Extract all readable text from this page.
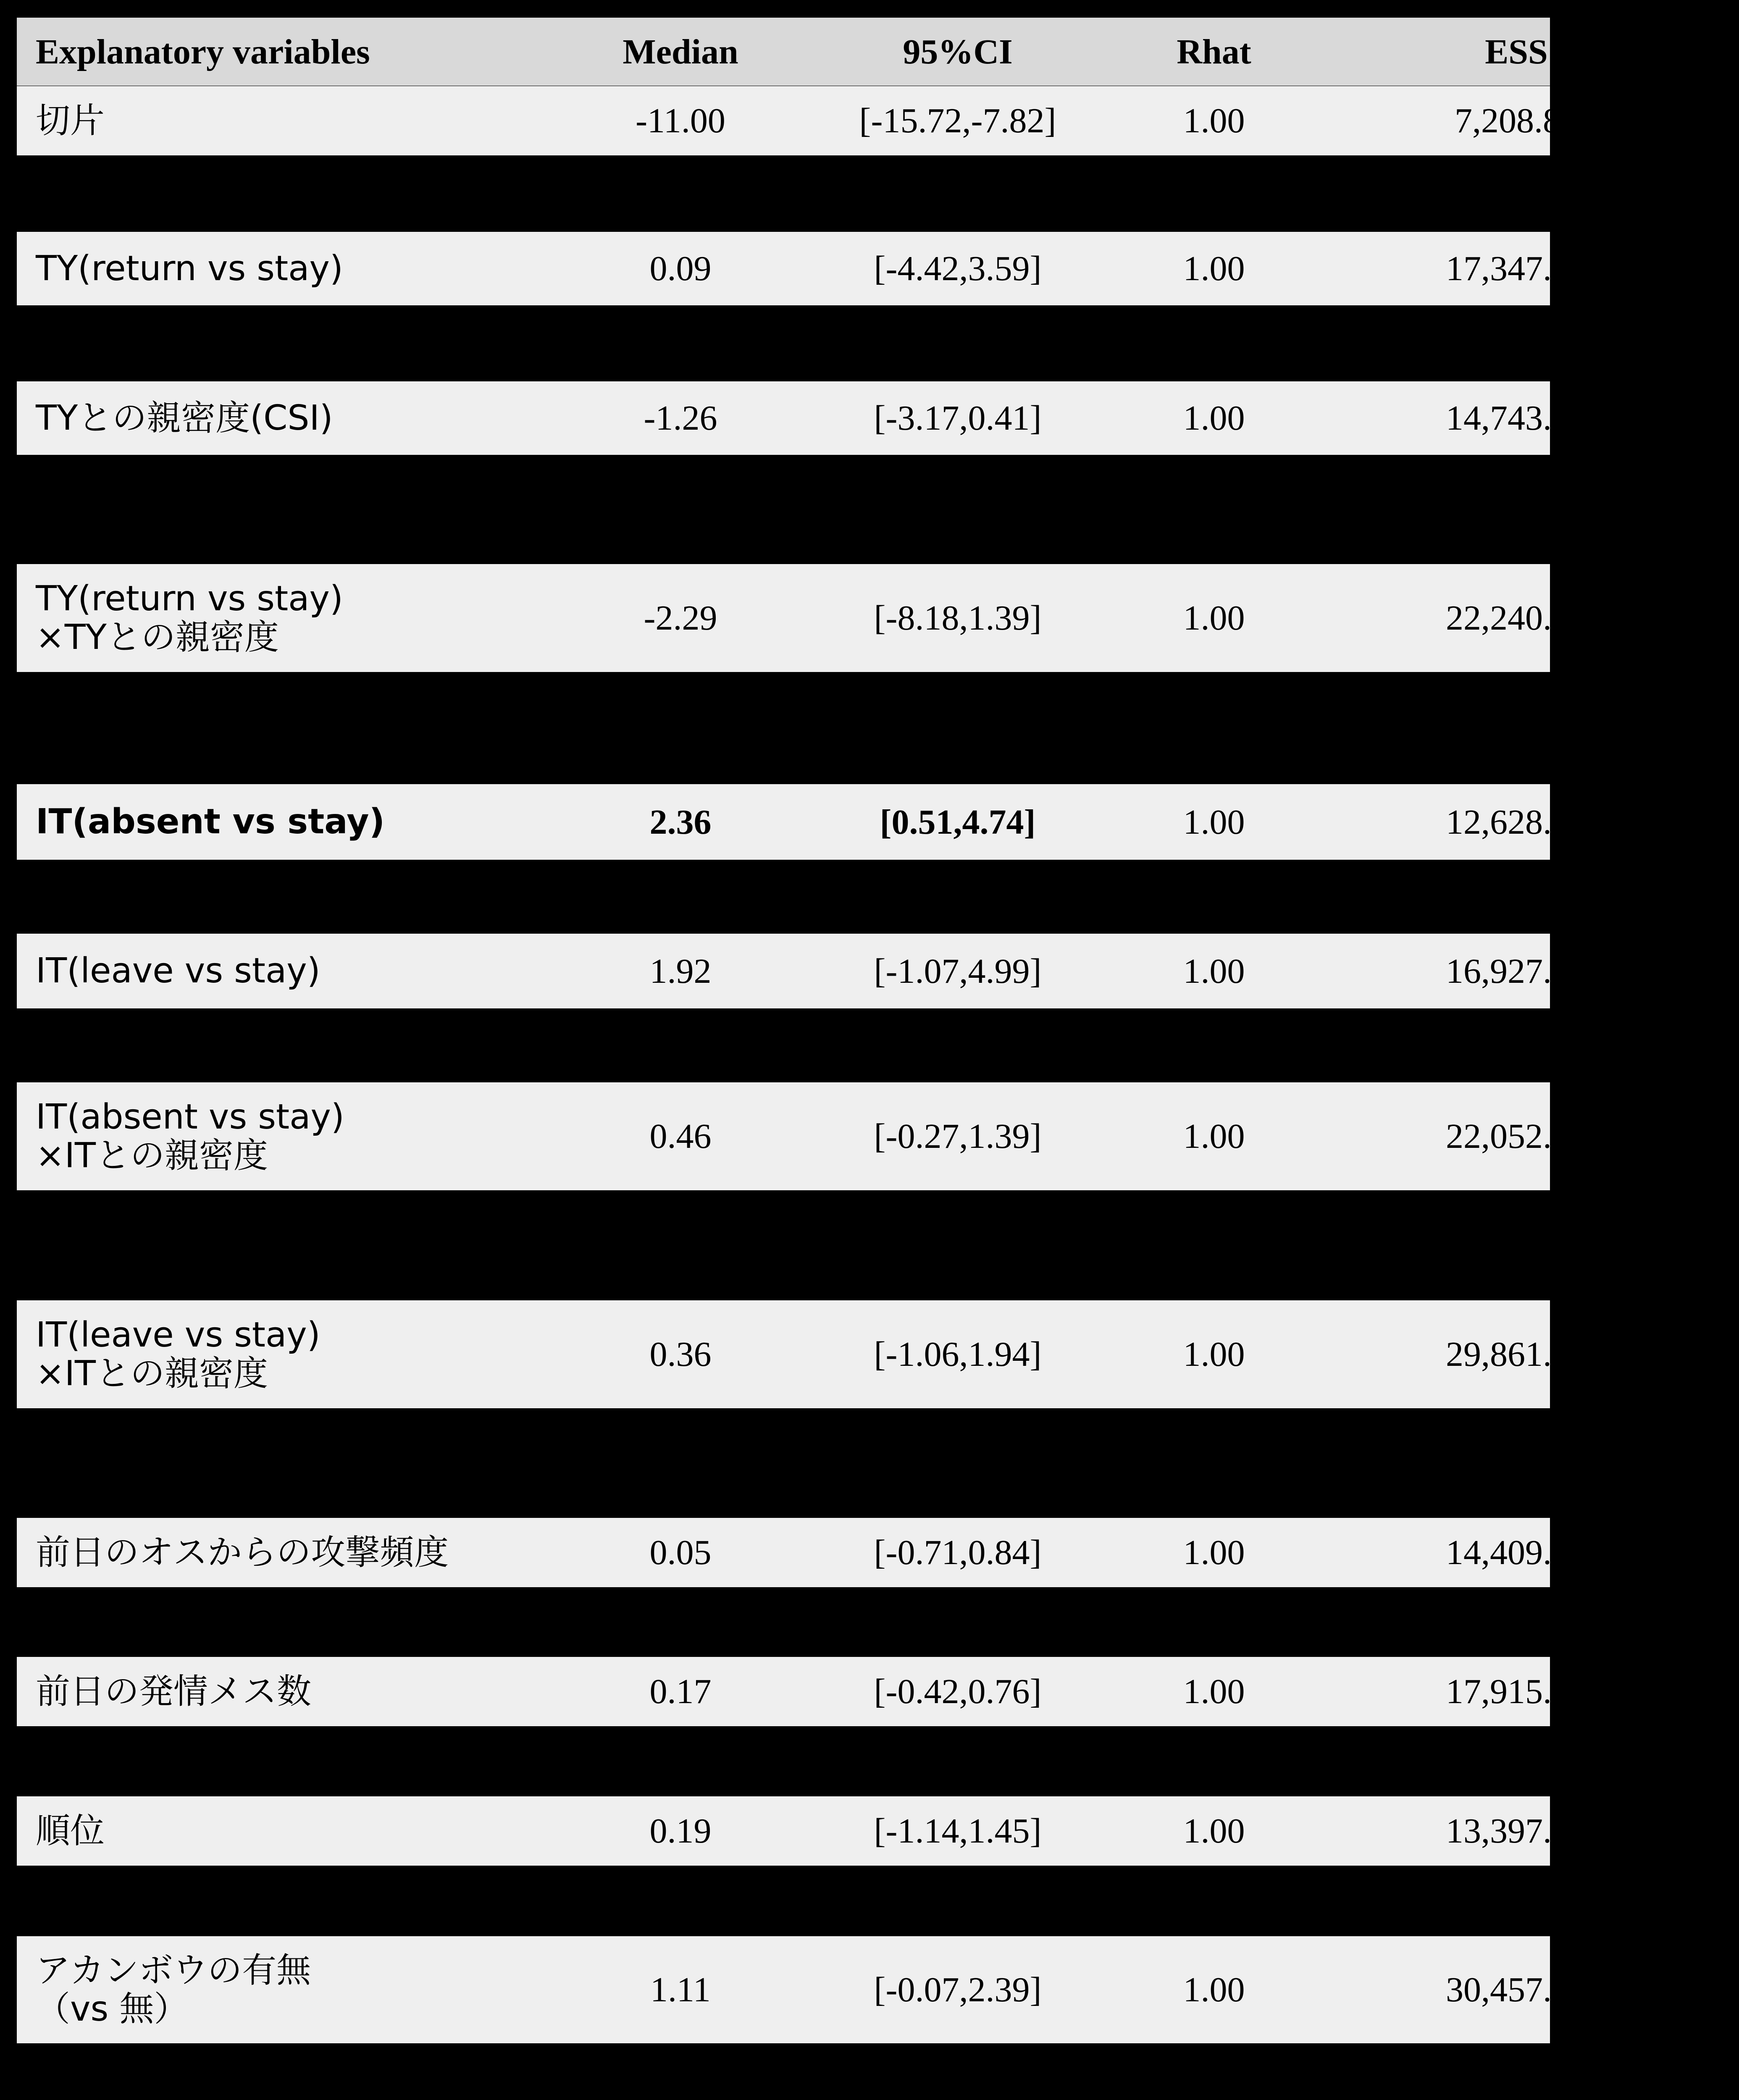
Explanatory variables	Median	95%CI	Rhat	ESS
切片	-11.00	[-15.72,-7.82]	1.00	7,208.84
TY(return vs stay)	0.09	[-4.42,3.59]	1.00	17,347.46
TYとの親密度(CSI)	-1.26	[-3.17,0.41]	1.00	14,743.54
TY(return vs stay)
×TYとの親密度	-2.29	[-8.18,1.39]	1.00	22,240.13
IT(absent vs stay)	2.36	[0.51,4.74]	1.00	12,628.28
IT(leave vs stay)	1.92	[-1.07,4.99]	1.00	16,927.18
IT(absent vs stay)
×ITとの親密度	0.46	[-0.27,1.39]	1.00	22,052.28
IT(leave vs stay)
×ITとの親密度	0.36	[-1.06,1.94]	1.00	29,861.60
前日のオスからの攻撃頻度	0.05	[-0.71,0.84]	1.00	14,409.51
前日の発情メス数	0.17	[-0.42,0.76]	1.00	17,915.20
順位	0.19	[-1.14,1.45]	1.00	13,397.88
アカンボウの有無
（vs 無）	1.11	[-0.07,2.39]	1.00	30,457.48
